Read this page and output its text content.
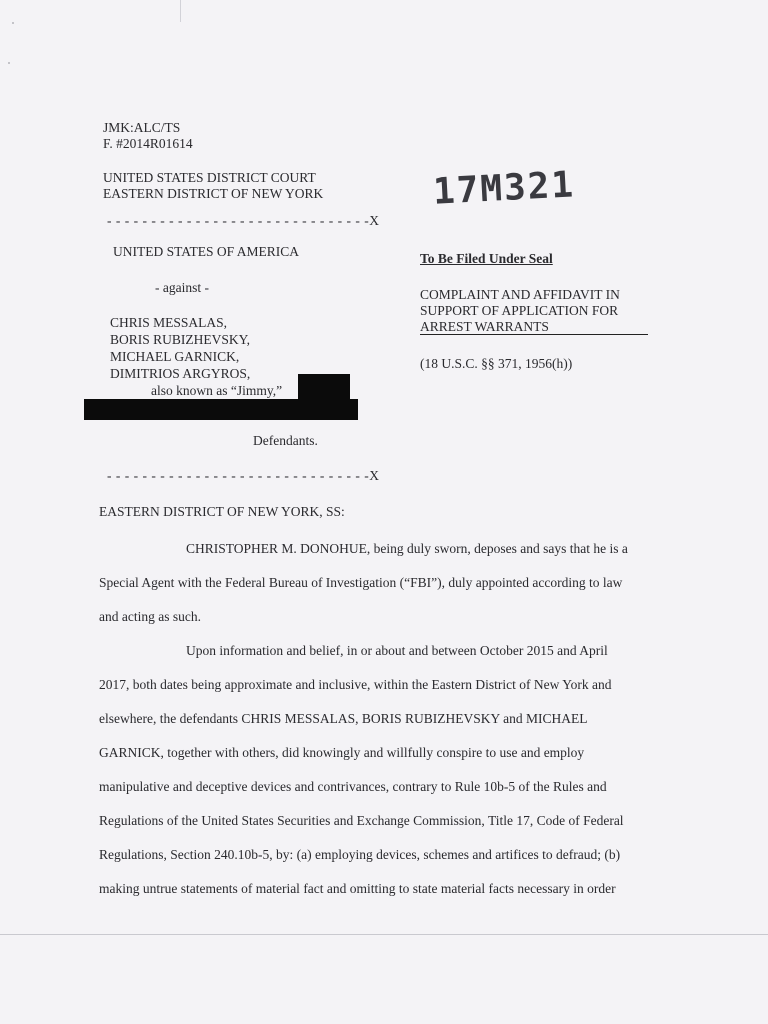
JMK:ALC/TS
F. #2014R01614
UNITED STATES DISTRICT COURT
EASTERN DISTRICT OF NEW YORK
- - - - - - - - - - - - - - - - - - - - - - - - - - - - - -X
17M321
UNITED STATES OF AMERICA
- against -
CHRIS MESSALAS,
BORIS RUBIZHEVSKY,
MICHAEL GARNICK,
DIMITRIOS ARGYROS,
also known as “Jimmy,”
Defendants.
- - - - - - - - - - - - - - - - - - - - - - - - - - - - - -X
To Be Filed Under Seal
COMPLAINT AND AFFIDAVIT IN
SUPPORT OF APPLICATION FOR
ARREST WARRANTS
(18 U.S.C. §§ 371, 1956(h))
EASTERN DISTRICT OF NEW YORK, SS:
CHRISTOPHER M. DONOHUE, being duly sworn, deposes and says that he is a
Special Agent with the Federal Bureau of Investigation (“FBI”), duly appointed according to law
and acting as such.
Upon information and belief, in or about and between October 2015 and April
2017, both dates being approximate and inclusive, within the Eastern District of New York and
elsewhere, the defendants CHRIS MESSALAS, BORIS RUBIZHEVSKY and MICHAEL
GARNICK, together with others, did knowingly and willfully conspire to use and employ
manipulative and deceptive devices and contrivances, contrary to Rule 10b-5 of the Rules and
Regulations of the United States Securities and Exchange Commission, Title 17, Code of Federal
Regulations, Section 240.10b-5, by: (a) employing devices, schemes and artifices to defraud; (b)
making untrue statements of material fact and omitting to state material facts necessary in order
